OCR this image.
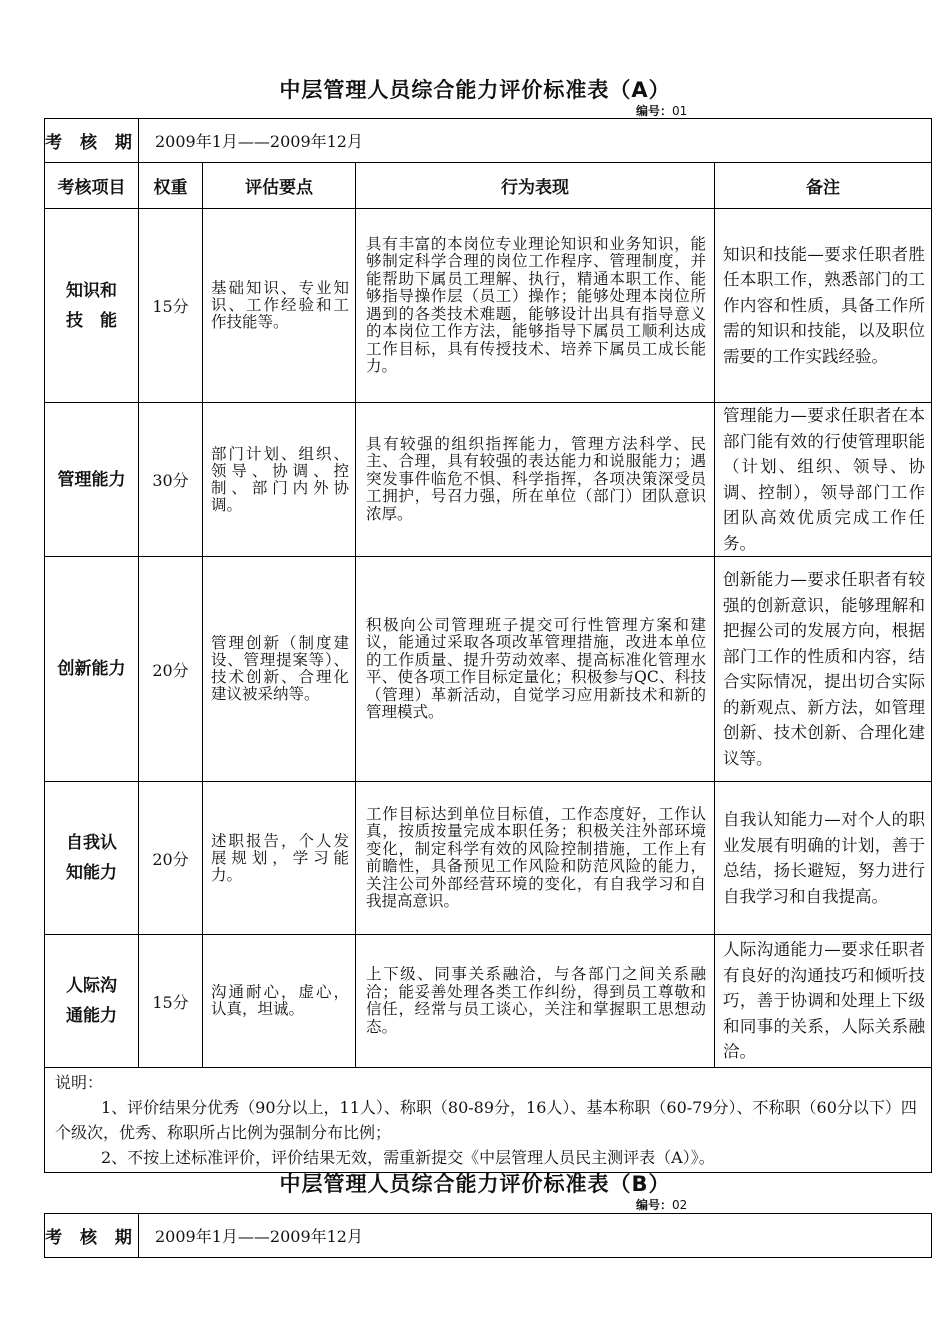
中层管理人员综合能力评价标准表（A）
编号：01
考 核 期	2009年1月——2009年12月			
考核项目	权重	评估要点	行为表现	备注
知识和技　能	15分	基础知识、专业知识、工作经验和工作技能等。	具有丰富的本岗位专业理论知识和业务知识，能够制定科学合理的岗位工作程序、管理制度，并能帮助下属员工理解、执行，精通本职工作、能够指导操作层（员工）操作；能够处理本岗位所遇到的各类技术难题，能够设计出具有指导意义的本岗位工作方法，能够指导下属员工顺利达成工作目标，具有传授技术、培养下属员工成长能力。	知识和技能—要求任职者胜任本职工作，熟悉部门的工作内容和性质，具备工作所需的知识和技能，以及职位需要的工作实践经验。
管理能力	30分	部门计划、组织、领导、协调、控制、部门内外协调。	具有较强的组织指挥能力，管理方法科学、民主、合理，具有较强的表达能力和说服能力；遇突发事件临危不惧、科学指挥，各项决策深受员工拥护，号召力强，所在单位（部门）团队意识浓厚。	管理能力—要求任职者在本部门能有效的行使管理职能（计划、组织、领导、协调、控制），领导部门工作团队高效优质完成工作任务。
创新能力	20分	管理创新（制度建设、管理提案等）、技术创新、合理化建议被采纳等。	积极向公司管理班子提交可行性管理方案和建议，能通过采取各项改革管理措施，改进本单位的工作质量、提升劳动效率、提高标准化管理水平、使各项工作目标定量化；积极参与QC、科技（管理）革新活动，自觉学习应用新技术和新的管理模式。	创新能力—要求任职者有较强的创新意识，能够理解和把握公司的发展方向，根据部门工作的性质和内容，结合实际情况，提出切合实际的新观点、新方法，如管理创新、技术创新、合理化建议等。
自我认知能力	20分	述职报告，个人发展规划，学习能力。	工作目标达到单位目标值，工作态度好，工作认真，按质按量完成本职任务；积极关注外部环境变化，制定科学有效的风险控制措施，工作上有前瞻性，具备预见工作风险和防范风险的能力，关注公司外部经营环境的变化，有自我学习和自我提高意识。	自我认知能力—对个人的职业发展有明确的计划，善于总结，扬长避短，努力进行自我学习和自我提高。
人际沟通能力	15分	沟通耐心，虚心，认真，坦诚。	上下级、同事关系融洽，与各部门之间关系融洽；能妥善处理各类工作纠纷，得到员工尊敬和信任，经常与员工谈心，关注和掌握职工思想动态。	人际沟通能力—要求任职者有良好的沟通技巧和倾听技巧，善于协调和处理上下级和同事的关系，人际关系融洽。

说明：

1、评价结果分优秀（90分以上，11人）、称职（80-89分，16人）、基本称职（60-79分）、不称职（60分以下）四个级次，优秀、称职所占比例为强制分布比例；

2、不按上述标准评价，评价结果无效，需重新提交《中层管理人员民主测评表（A）》。				

中层管理人员综合能力评价标准表（B）
编号：02
考 核 期	2009年1月——2009年12月
